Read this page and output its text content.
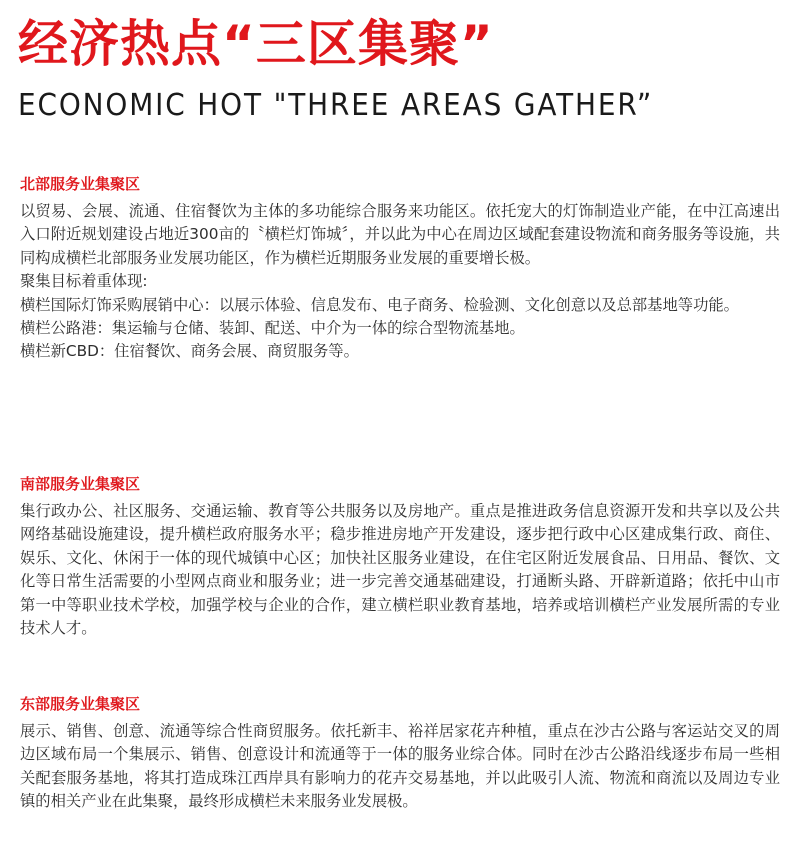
经济热点“三区集聚”
ECONOMIC HOT "THREE AREAS GATHER”
北部服务业集聚区

以贸易、会展、流通、住宿餐饮为主体的多功能综合服务来功能区。依托宠大的灯饰制造业产能，在中江高速出入口附近规划建设占地近300亩的〝横栏灯饰城〞，并以此为中心在周边区域配套建设物流和商务服务等设施，共同构成横栏北部服务业发展功能区，作为横栏近期服务业发展的重要增长极。

聚集目标着重体现:

横栏国际灯饰采购展销中心：以展示体验、信息发布、电子商务、检验测、文化创意以及总部基地等功能。

横栏公路港：集运输与仓储、装卸、配送、中介为一体的综合型物流基地。

横栏新CBD：住宿餐饮、商务会展、商贸服务等。

南部服务业集聚区

集行政办公、社区服务、交通运输、教育等公共服务以及房地产。重点是推进政务信息资源开发和共享以及公共网络基础设施建设，提升横栏政府服务水平；稳步推进房地产开发建设，逐步把行政中心区建成集行政、商住、娱乐、文化、休闲于一体的现代城镇中心区；加快社区服务业建设，在住宅区附近发展食品、日用品、餐饮、文化等日常生活需要的小型网点商业和服务业；进一步完善交通基础建设，打通断头路、开辟新道路；依托中山市第一中等职业技术学校，加强学校与企业的合作，建立横栏职业教育基地，培养或培训横栏产业发展所需的专业技术人才。

东部服务业集聚区

展示、销售、创意、流通等综合性商贸服务。依托新丰、裕祥居家花卉种植，重点在沙古公路与客运站交叉的周边区域布局一个集展示、销售、创意设计和流通等于一体的服务业综合体。同时在沙古公路沿线逐步布局一些相关配套服务基地，将其打造成珠江西岸具有影响力的花卉交易基地，并以此吸引人流、物流和商流以及周边专业镇的相关产业在此集聚，最终形成横栏未来服务业发展极。
